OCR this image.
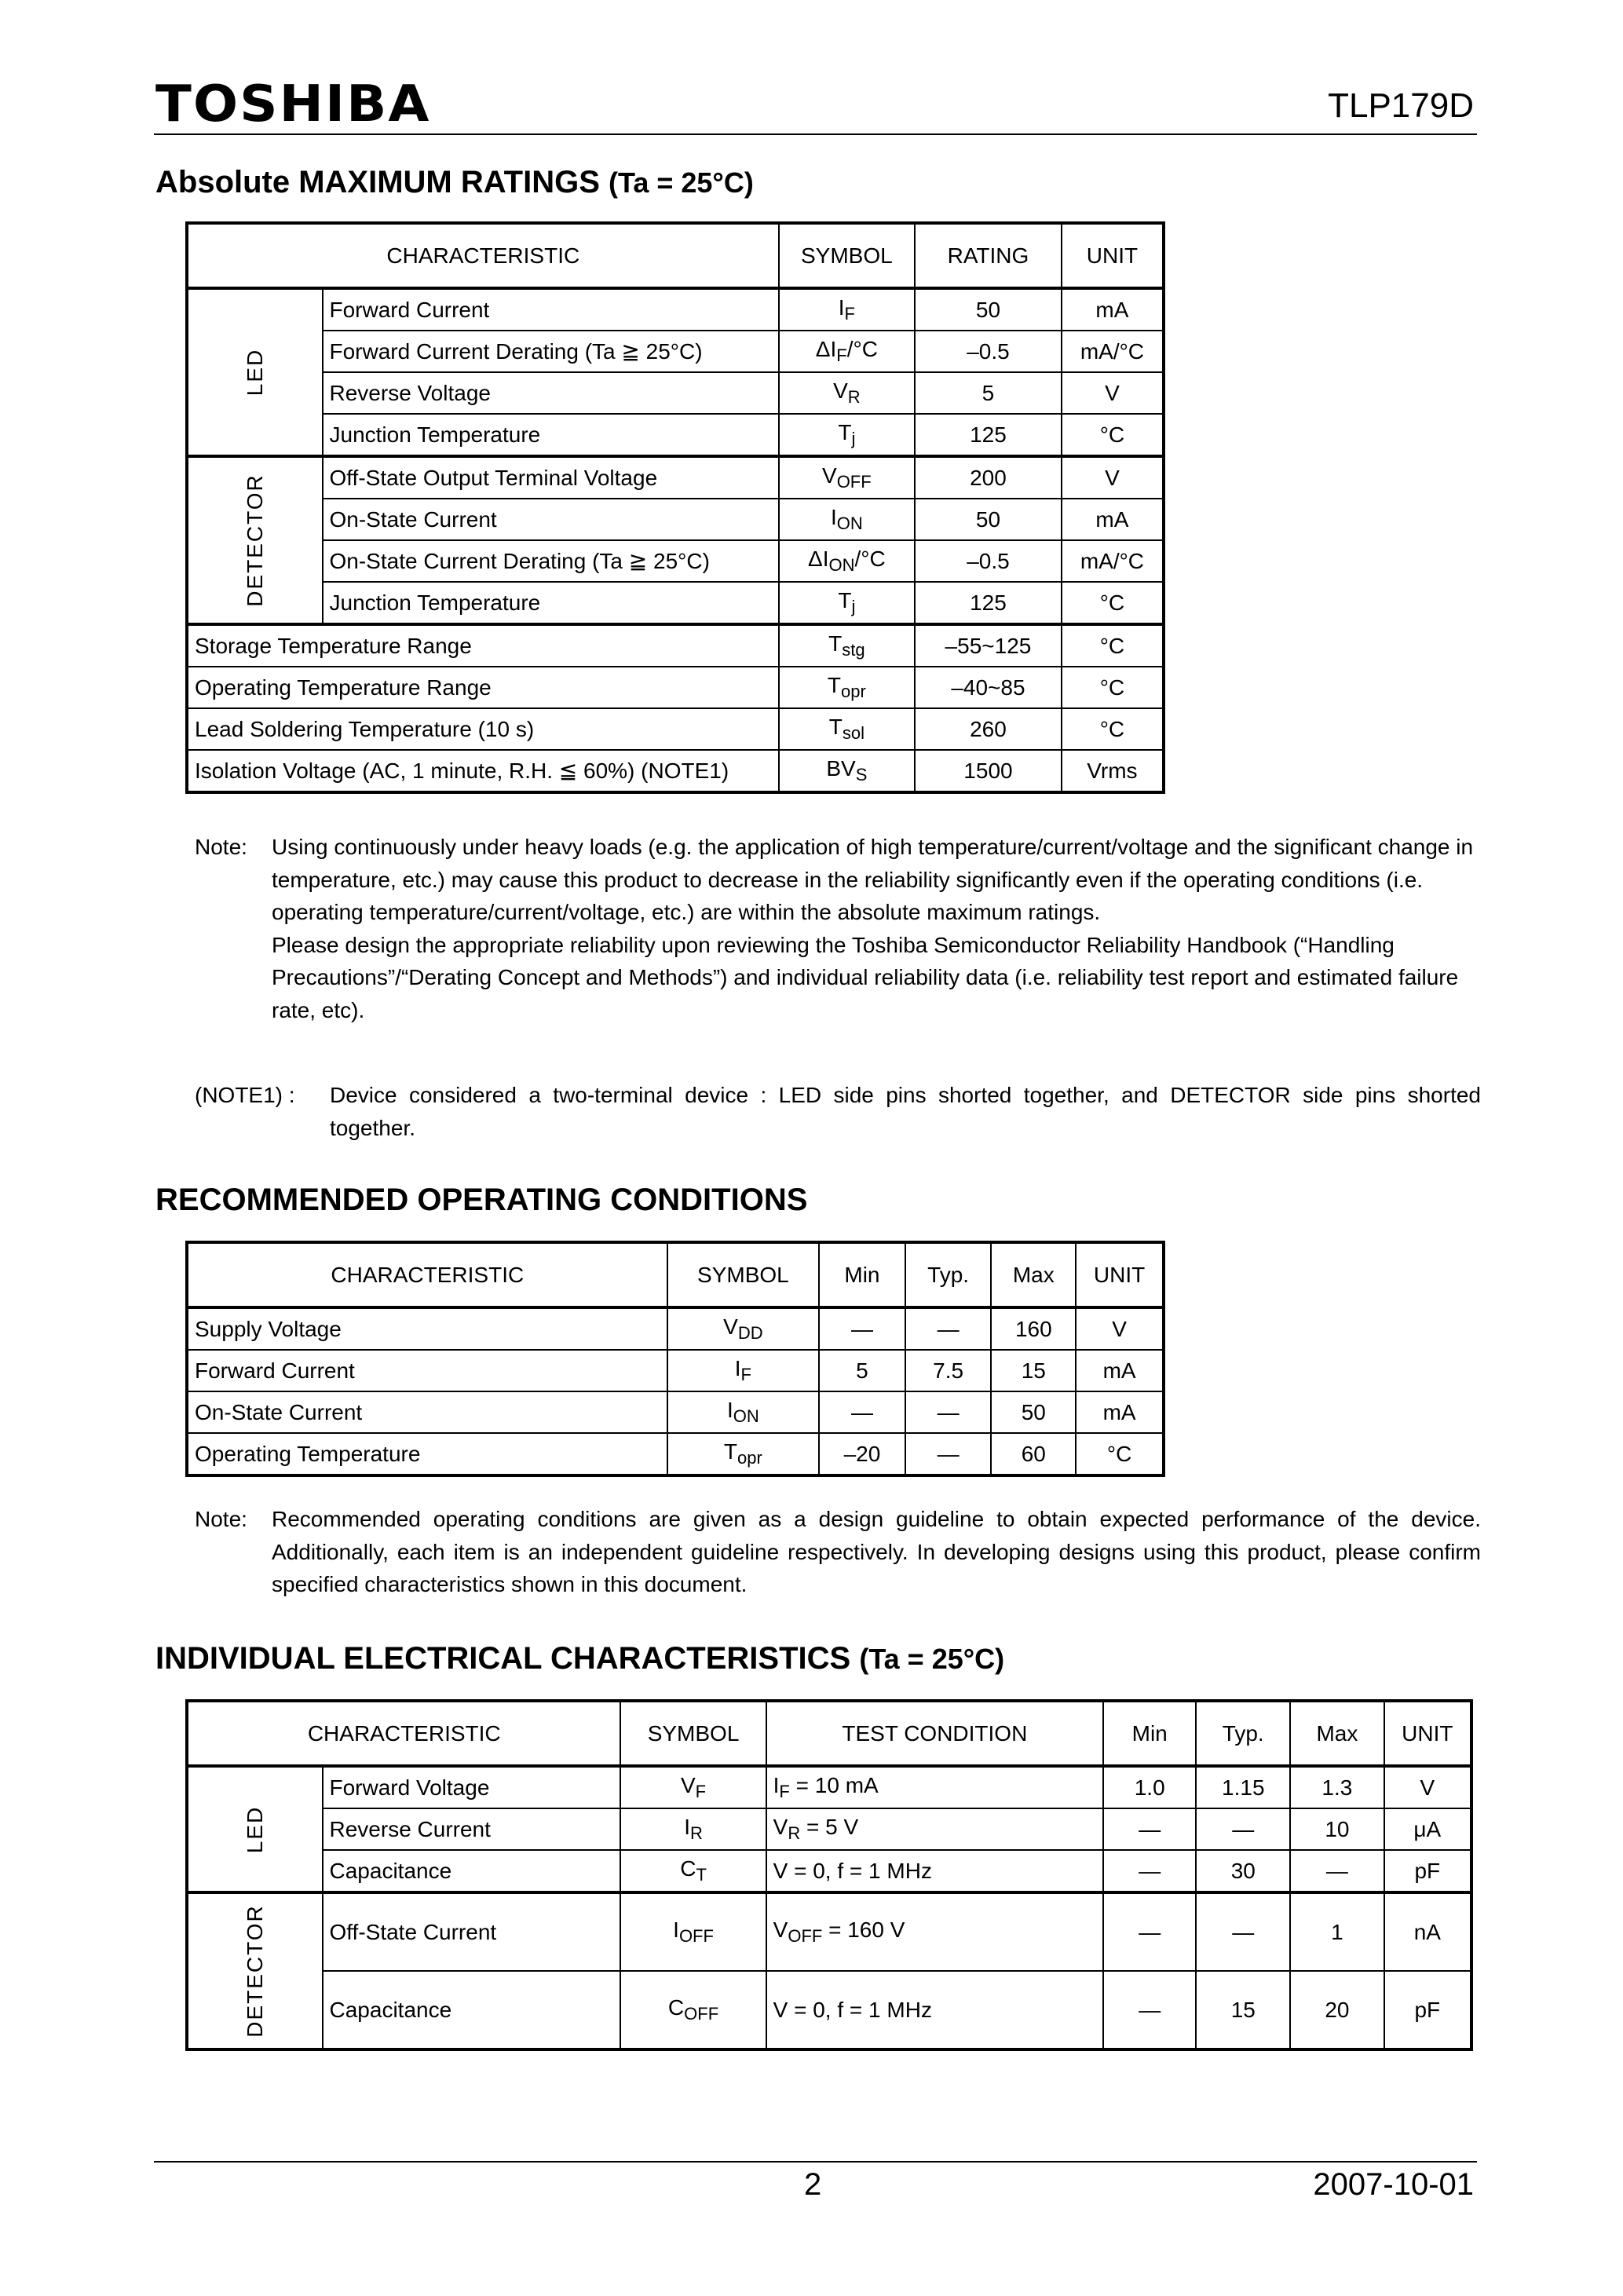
TOSHIBA	TLP179D
Absolute MAXIMUM RATINGS (Ta = 25°C)
CHARACTERISTIC		SYMBOL	RATING	UNIT
LED	Forward Current	$I_F$	50	mA
	Forward Current Derating (Ta ≧ 25°C)	$\Delta I_F/^\circ C$	–0.5	mA/°C
	Reverse Voltage	$V_R$	5	V
	Junction Temperature	$T_j$	125	°C
DETECTOR	Off-State Output Terminal Voltage	$V_{OFF}$	200	V
	On-State Current	$I_{ON}$	50	mA
	On-State Current Derating (Ta ≧ 25°C)	$\Delta I_{ON}/^\circ C$	–0.5	mA/°C
	Junction Temperature	$T_j$	125	°C
Storage Temperature Range		$T_{stg}$	–55~125	°C
Operating Temperature Range		$T_{opr}$	–40~85	°C
Lead Soldering Temperature (10 s)		$T_{sol}$	260	°C
Isolation Voltage (AC, 1 minute, R.H. ≦ 60%) (NOTE1)		$BV_S$	1500	Vrms
Note: Using continuously under heavy loads (e.g. the application of high temperature/current/voltage and the significant change in temperature, etc.) may cause this product to decrease in the reliability significantly even if the operating conditions (i.e. operating temperature/current/voltage, etc.) are within the absolute maximum ratings.
Please design the appropriate reliability upon reviewing the Toshiba Semiconductor Reliability Handbook (“Handling Precautions”/“Derating Concept and Methods”) and individual reliability data (i.e. reliability test report and estimated failure rate, etc).
(NOTE1) : Device considered a two-terminal device : LED side pins shorted together, and DETECTOR side pins shorted together.
RECOMMENDED OPERATING CONDITIONS
CHARACTERISTIC	SYMBOL	Min	Typ.	Max	UNIT
Supply Voltage	$V_{DD}$	—	—	160	V
Forward Current	$I_F$	5	7.5	15	mA
On-State Current	$I_{ON}$	—	—	50	mA
Operating Temperature	$T_{opr}$	–20	—	60	°C
Note: Recommended operating conditions are given as a design guideline to obtain expected performance of the device. Additionally, each item is an independent guideline respectively. In developing designs using this product, please confirm specified characteristics shown in this document.
INDIVIDUAL ELECTRICAL CHARACTERISTICS (Ta = 25°C)
CHARACTERISTIC		SYMBOL	TEST CONDITION	Min	Typ.	Max	UNIT
LED	Forward Voltage	$V_F$	$I_F = 10$ mA	1.0	1.15	1.3	V
	Reverse Current	$I_R$	$V_R = 5$ V	—	—	10	μA
	Capacitance	$C_T$	V = 0, f = 1 MHz	—	30	—	pF
DETECTOR	Off-State Current	$I_{OFF}$	$V_{OFF} = 160$ V	—	—	1	nA
	Capacitance	$C_{OFF}$	V = 0, f = 1 MHz	—	15	20	pF
2	2007-10-01
